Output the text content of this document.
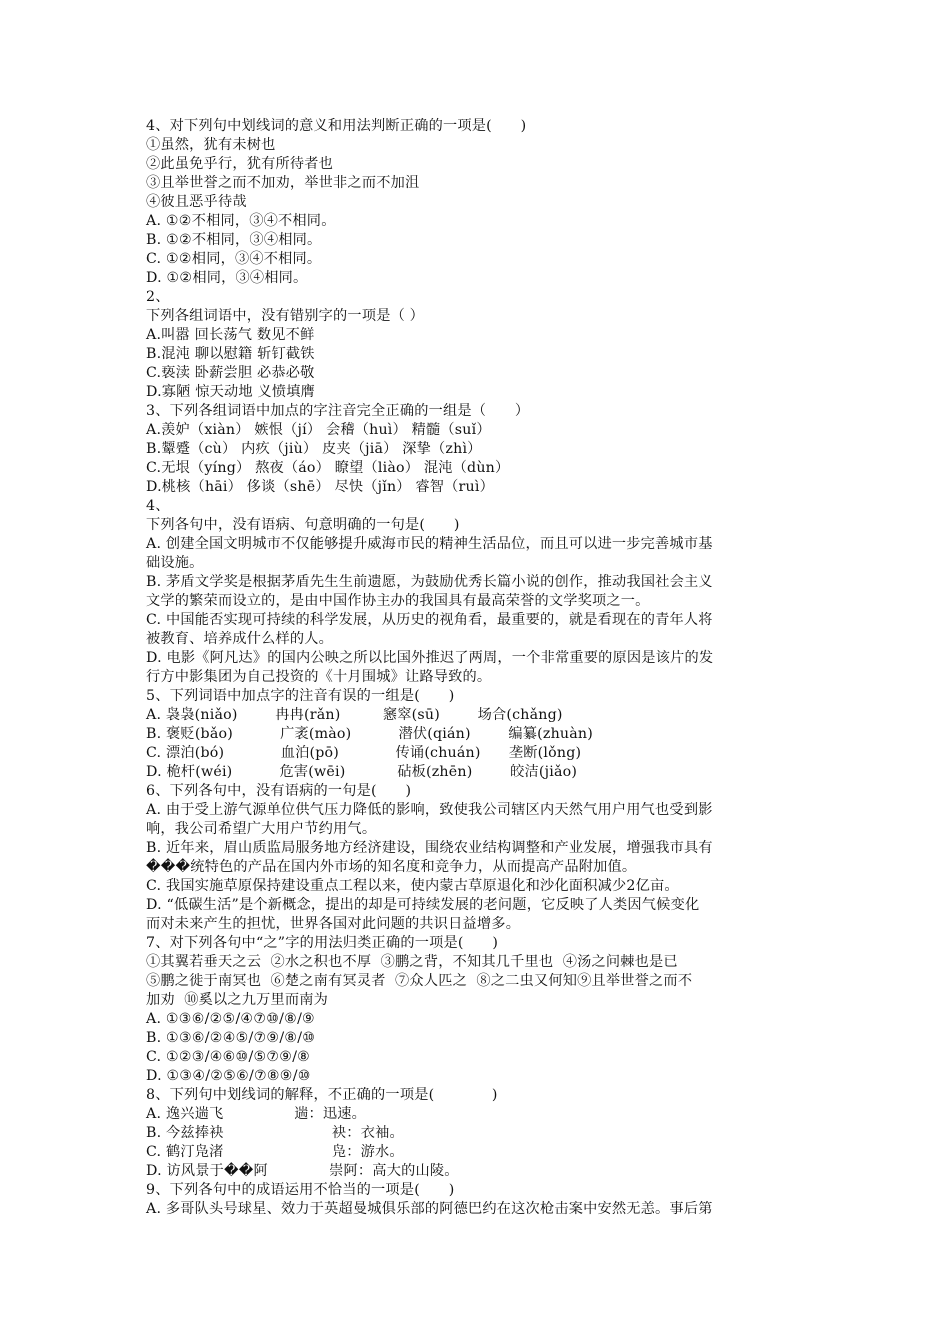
4、对下列句中划线词的意义和用法判断正确的一项是(　　)
①虽然，犹有未树也
②此虽免乎行，犹有所待者也
③且举世誉之而不加劝，举世非之而不加沮
④彼且恶乎待哉
A. ①②不相同，③④不相同。
B. ①②不相同，③④相同。
C. ①②相同，③④不相同。
D. ①②相同，③④相同。
2、
下列各组词语中，没有错别字的一项是（ ）
A.叫嚣 回长荡气 数见不鲜
B.混沌 聊以慰籍 斩钉截铁
C.亵渎 卧薪尝胆 必恭必敬
D.寡陋 惊天动地 义愤填膺
3、下列各组词语中加点的字注音完全正确的一组是（　　）
A.羡妒（xiàn） 嫉恨（jí） 会稽（huì） 精髓（suǐ）
B.颦蹙（cù） 内疚（jiù） 皮夹（jiā） 深挚（zhì）
C.无垠（yíng） 熬夜（áo） 瞭望（liào） 混沌（dùn）
D.桃核（hāi） 侈谈（shē） 尽快（jǐn） 睿智（ruì）
4、
下列各句中，没有语病、句意明确的一句是(　　)
A. 创建全国文明城市不仅能够提升威海市民的精神生活品位，而且可以进一步完善城市基
础设施。
B. 茅盾文学奖是根据茅盾先生生前遗愿，为鼓励优秀长篇小说的创作，推动我国社会主义
文学的繁荣而设立的，是由中国作协主办的我国具有最高荣誉的文学奖项之一。
C. 中国能否实现可持续的科学发展，从历史的视角看，最重要的，就是看现在的青年人将
被教育、培养成什么样的人。
D. 电影《阿凡达》的国内公映之所以比国外推迟了两周，一个非常重要的原因是该片的发
行方中影集团为自己投资的《十月围城》让路导致的。
5、下列词语中加点字的注音有误的一组是(　　)
A. 袅袅(niǎo)        冉冉(rǎn)         窸窣(sū)        场合(chǎng)
B. 褒贬(bǎo)          广袤(mào)          潜伏(qián)        编纂(zhuàn)
C. 漂泊(bó)            血泊(pō)            传诵(chuán)      垄断(lǒng)
D. 桅杆(wéi)          危害(wēi)           砧板(zhēn)        皎洁(jiǎo)
6、下列各句中，没有语病的一句是(　　)
A. 由于受上游气源单位供气压力降低的影响，致使我公司辖区内天然气用户用气也受到影
响，我公司希望广大用户节约用气。
B. 近年来，眉山质监局服务地方经济建设，围绕农业结构调整和产业发展，增强我市具有
���统特色的产品在国内外市场的知名度和竞争力，从而提高产品附加值。
C. 我国实施草原保持建设重点工程以来，使内蒙古草原退化和沙化面积减少2亿亩。
D. “低碳生活”是个新概念，提出的却是可持续发展的老问题，它反映了人类因气候变化
而对未来产生的担忧，世界各国对此问题的共识日益增多。
7、对下列各句中“之”字的用法归类正确的一项是(　　)
①其翼若垂天之云  ②水之积也不厚  ③鹏之背，不知其几千里也  ④汤之问棘也是已
⑤鹏之徙于南冥也  ⑥楚之南有冥灵者  ⑦众人匹之  ⑧之二虫又何知⑨且举世誉之而不
加劝  ⑩奚以之九万里而南为
A. ①③⑥/②⑤/④⑦⑩/⑧/⑨
B. ①③⑥/②④⑤/⑦⑨/⑧/⑩
C. ①②③/④⑥⑩/⑤⑦⑨/⑧
D. ①③④/②⑤⑥/⑦⑧⑨/⑩
8、下列句中划线词的解释，不正确的一项是(　　　　)
A. 逸兴遄飞               遄：迅速。
B. 今兹捧袂                       袂：衣袖。
C. 鹤汀凫渚                       凫：游水。
D. 访风景于��阿             崇阿：高大的山陵。
9、下列各句中的成语运用不恰当的一项是(　　)
A. 多哥队头号球星、效力于英超曼城俱乐部的阿德巴约在这次枪击案中安然无恙。事后第
